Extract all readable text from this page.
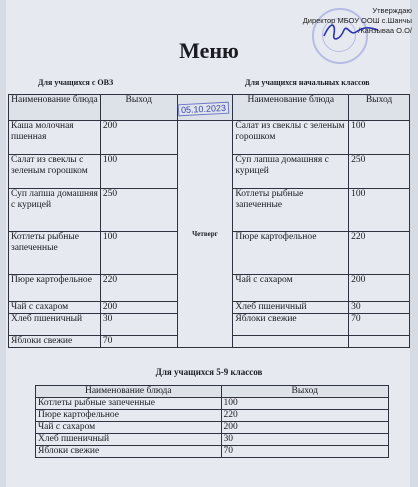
Утверждаю
Директор МБОУ ООШ с.Шанчы
/Канзываа О.О/
Меню
Для учащихся с ОВЗ	Для учащихся начальных классов
Наименование блюда	Выход		Наименование блюда	Выход
Каша молочная пшенная	200	Четверг	Салат из свеклы с зеленым горошком	100
Салат из свеклы с зеленым горошком	100		Суп лапша домашняя с курицей	250
Суп лапша домашняя с курицей	250		Котлеты рыбные запеченные	100
Котлеты рыбные запеченные	100		Пюре картофельное	220
Пюре картофельное	220		Чай с сахаром	200
Чай с сахаром	200		Хлеб пшеничный	30
Хлеб пшеничный	30		Яблоки свежие	70
Яблоки свежие	70			
05.10.2023
Для учащихся 5-9 классов
Наименование блюда	Выход
Котлеты рыбные запеченные	100
Пюре картофельное	220
Чай с сахаром	200
Хлеб пшеничный	30
Яблоки свежие	70
